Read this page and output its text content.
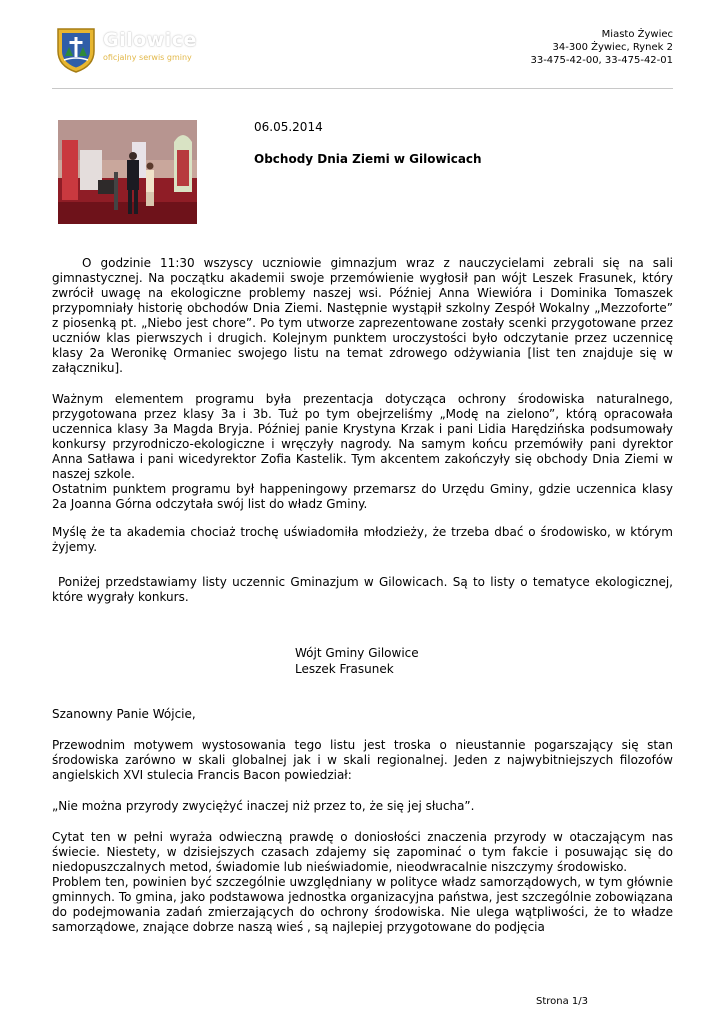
Gilowice
oficjalny serwis gminy
Miasto Żywiec
34-300 Żywiec, Rynek 2
33-475-42-00, 33-475-42-01
06.05.2014
Obchody Dnia Ziemi w Gilowicach

O godzinie 11:30 wszyscy uczniowie gimnazjum wraz z nauczycielami zebrali się na sali gimnastycznej. Na początku akademii swoje przemówienie wygłosił pan wójt Leszek Frasunek, który zwrócił uwagę na ekologiczne problemy naszej wsi. Później Anna Wiewióra i Dominika Tomaszek przypomniały historię obchodów Dnia Ziemi. Następnie wystąpił szkolny Zespół Wokalny „Mezzoforte” z piosenką pt. „Niebo jest chore”. Po tym utworze zaprezentowane zostały scenki przygotowane przez uczniów klas pierwszych i drugich. Kolejnym punktem uroczystości było odczytanie przez uczennicę klasy 2a Weronikę Ormaniec swojego listu na temat zdrowego odżywiania [list ten znajduje się w załączniku].

Ważnym elementem programu była prezentacja dotycząca ochrony środowiska naturalnego, przygotowana przez klasy 3a i 3b. Tuż po tym obejrzeliśmy „Modę na zielono”, którą opracowała uczennica klasy 3a Magda Bryja. Później panie Krystyna Krzak i pani Lidia Harędzińska podsumowały konkursy przyrodniczo-ekologiczne i wręczyły nagrody. Na samym końcu przemówiły pani dyrektor Anna Satława i pani wicedyrektor Zofia Kastelik. Tym akcentem zakończyły się obchody Dnia Ziemi w naszej szkole.

Ostatnim punktem programu był happeningowy przemarsz do Urzędu Gminy, gdzie uczennica klasy 2a Joanna Górna odczytała swój list do władz Gminy.

Myślę że ta akademia chociaż trochę uświadomiła młodzieży, że trzeba dbać o środowisko, w którym żyjemy.

Poniżej przedstawiamy listy uczennic Gminazjum w Gilowicach. Są to listy o tematyce ekologicznej, które wygrały konkurs.

Wójt Gminy Gilowice
Leszek Frasunek

Szanowny Panie Wójcie,

Przewodnim motywem wystosowania tego listu jest troska o nieustannie pogarszający się stan środowiska zarówno w skali globalnej jak i w skali regionalnej. Jeden z najwybitniejszych filozofów angielskich XVI stulecia Francis Bacon powiedział:

„Nie można przyrody zwyciężyć inaczej niż przez to, że się jej słucha”.

Cytat ten w pełni wyraża odwieczną prawdę o doniosłości znaczenia przyrody w otaczającym nas świecie. Niestety, w dzisiejszych czasach zdajemy się zapominać o tym fakcie i posuwając się do niedopuszczalnych metod, świadomie lub nieświadomie, nieodwracalnie niszczymy środowisko.

Problem ten, powinien być szczególnie uwzględniany w polityce władz samorządowych, w tym głównie gminnych. To gmina, jako podstawowa jednostka organizacyjna państwa, jest szczególnie zobowiązana do podejmowania zadań zmierzających do ochrony środowiska. Nie ulega wątpliwości, że to władze samorządowe, znające dobrze naszą wieś , są najlepiej przygotowane do podjęcia

Strona 1/3
